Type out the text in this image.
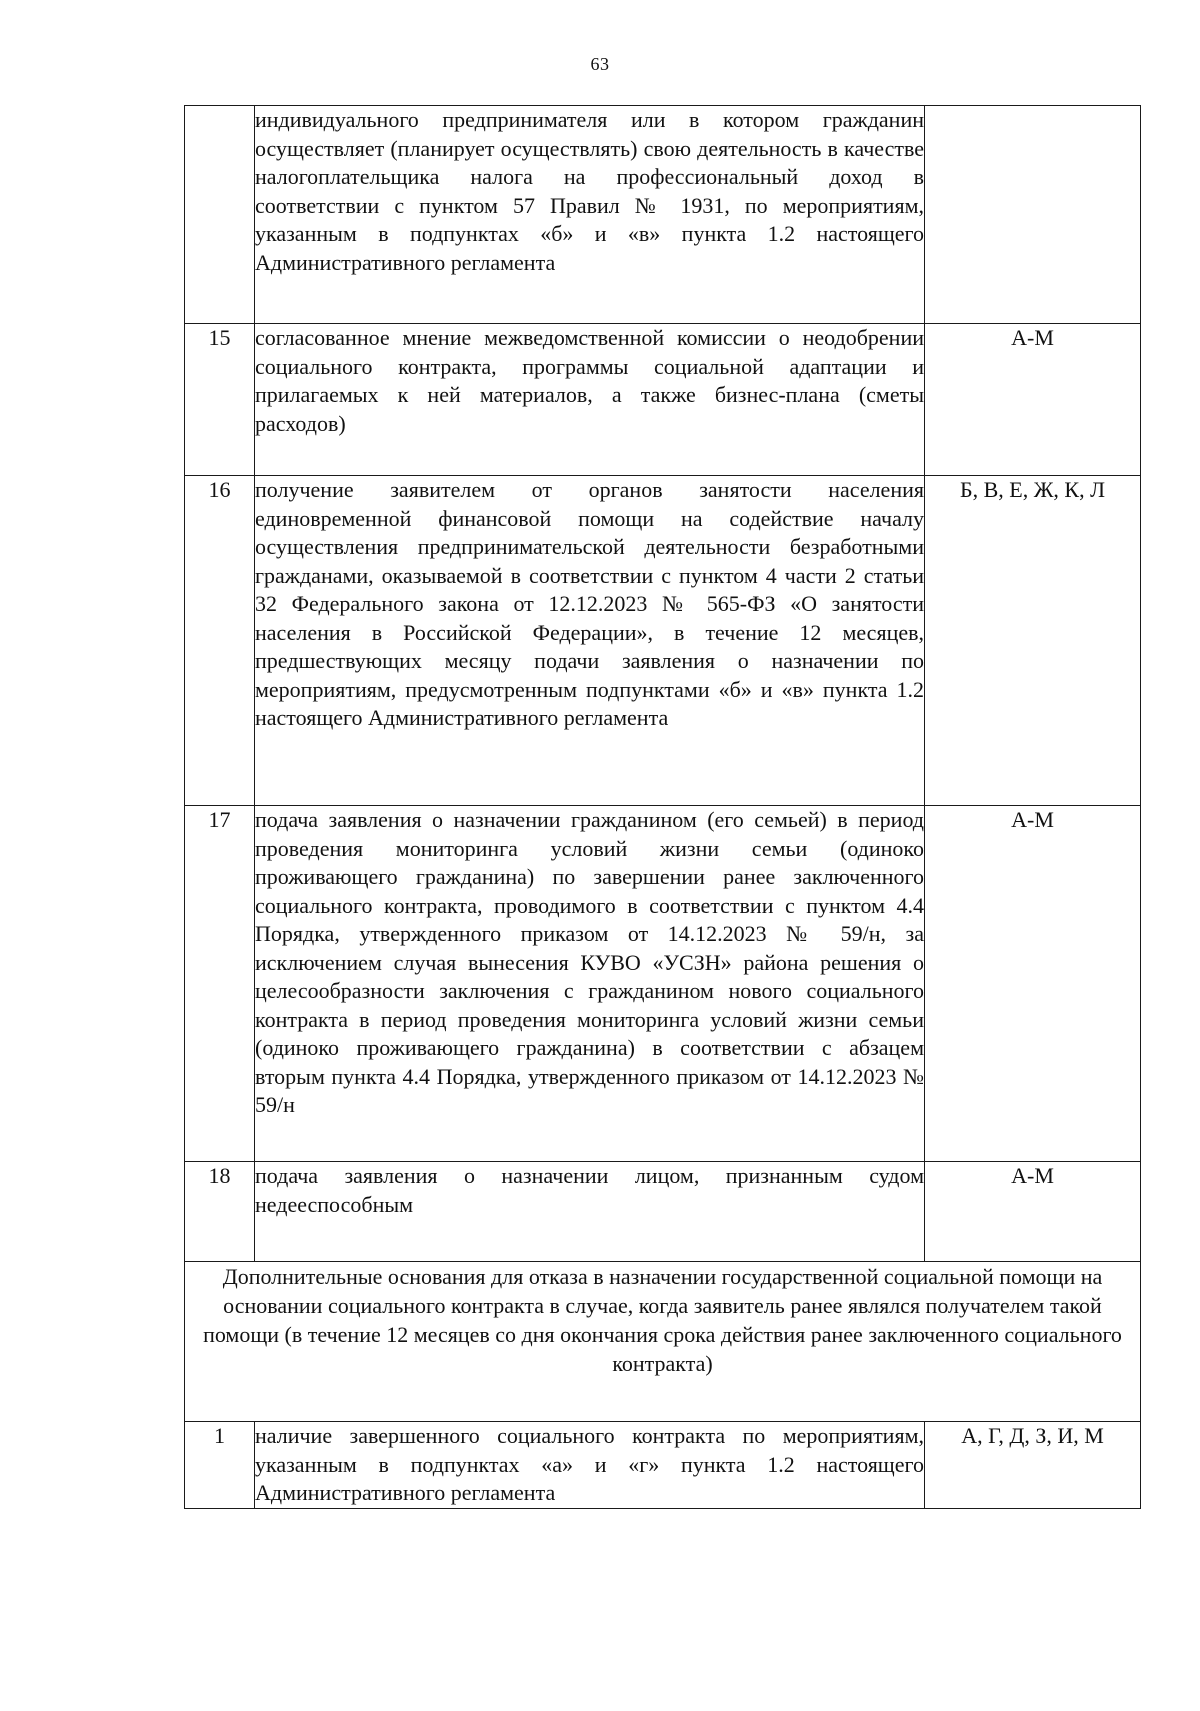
63
	индивидуального предпринимателя или в котором гражданин осуществляет (планирует осуществлять) свою деятельность в качестве налогоплательщика налога на профессиональный доход в соответствии с пунктом 57 Правил № 1931, по мероприятиям, указанным в подпунктах «б» и «в» пункта 1.2 настоящего Административного регламента	
15	согласованное мнение межведомственной комиссии о неодобрении социального контракта, программы социальной адаптации и прилагаемых к ней материалов, а также бизнес-плана (сметы расходов)	А-М
16	получение заявителем от органов занятости населения единовременной финансовой помощи на содействие началу осуществления предпринимательской деятельности безработными гражданами, оказываемой в соответствии с пунктом 4 части 2 статьи 32 Федерального закона от 12.12.2023 № 565-ФЗ «О занятости населения в Российской Федерации», в течение 12 месяцев, предшествующих месяцу подачи заявления о назначении по мероприятиям, предусмотренным подпунктами «б» и «в» пункта 1.2 настоящего Административного регламента	Б, В, Е, Ж, К, Л
17	подача заявления о назначении гражданином (его семьей) в период проведения мониторинга условий жизни семьи (одиноко проживающего гражданина) по завершении ранее заключенного социального контракта, проводимого в соответствии с пунктом 4.4 Порядка, утвержденного приказом от 14.12.2023 № 59/н, за исключением случая вынесения КУВО «УСЗН» района решения о целесообразности заключения с гражданином нового социального контракта в период проведения мониторинга условий жизни семьи (одиноко проживающего гражданина) в соответствии с абзацем вторым пункта 4.4 Порядка, утвержденного приказом от 14.12.2023 № 59/н	А-М
18	подача заявления о назначении лицом, признанным судом недееспособным	А-М
Дополнительные основания для отказа в назначении государственной социальной помощи на основании социального контракта в случае, когда заявитель ранее являлся получателем такой помощи (в течение 12 месяцев со дня окончания срока действия ранее заключенного социального контракта)		
1	наличие завершенного социального контракта по мероприятиям, указанным в подпунктах «а» и «г» пункта 1.2 настоящего Административного регламента	А, Г, Д, З, И, М
